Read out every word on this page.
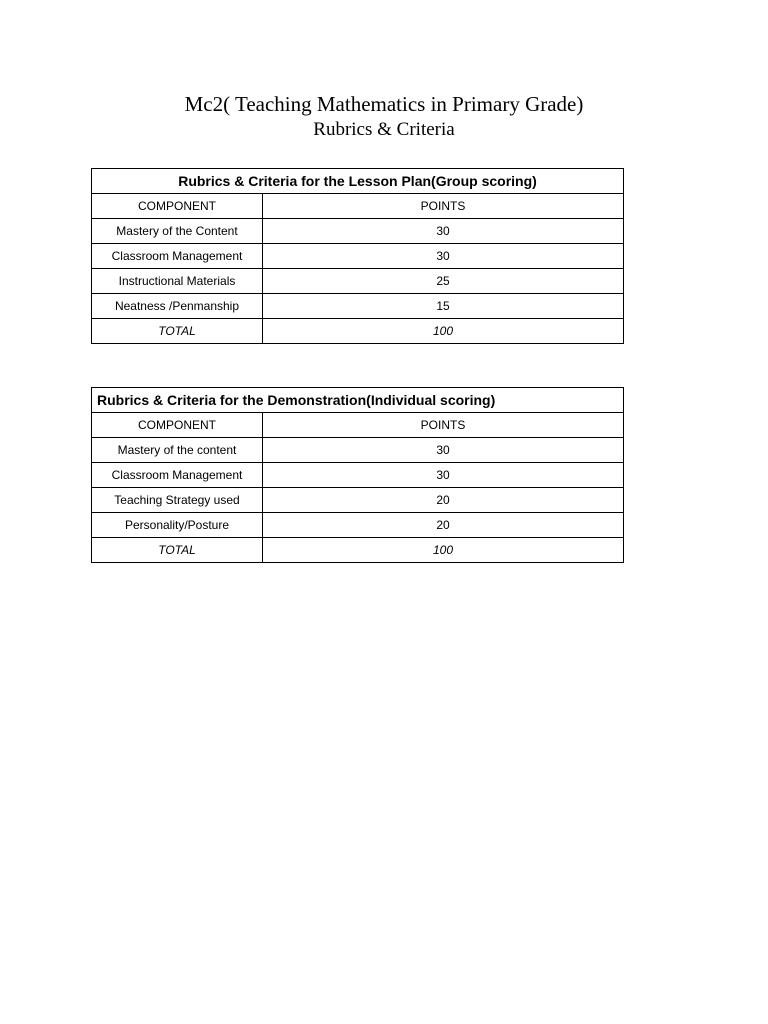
Mc2( Teaching Mathematics in Primary Grade)
Rubrics & Criteria
Rubrics & Criteria for the Lesson Plan(Group scoring)	
COMPONENT	POINTS
Mastery of the Content	30
Classroom Management	30
Instructional Materials	25
Neatness /Penmanship	15
TOTAL	100
Rubrics & Criteria for the Demonstration(Individual scoring)	
COMPONENT	POINTS
Mastery of the content	30
Classroom Management	30
Teaching Strategy used	20
Personality/Posture	20
TOTAL	100
